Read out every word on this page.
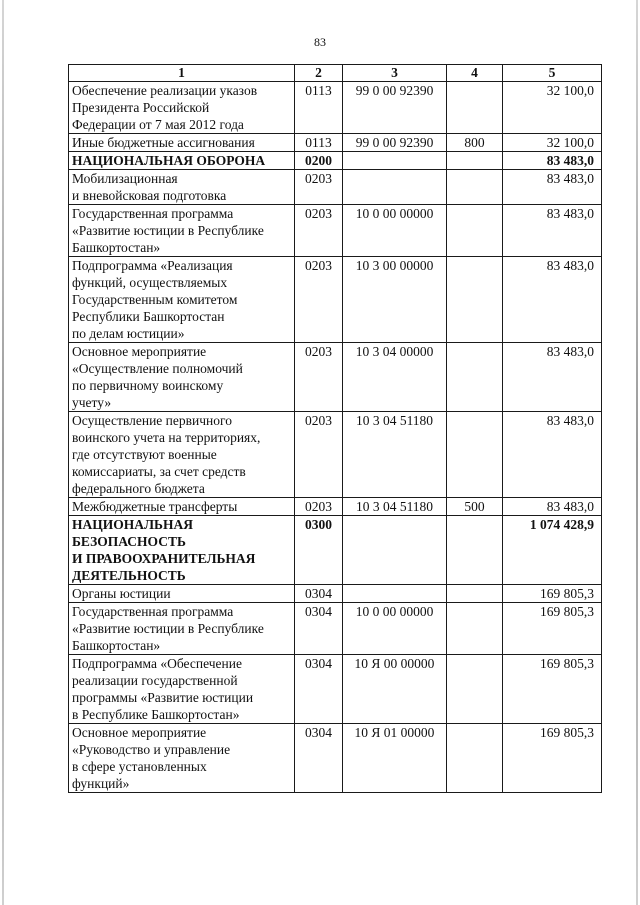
83
1	2	3	4	5

Обеспечение реализации указов
Президента Российской
Федерации от 7 мая 2012 года	0113	99 0 00 92390		32 100,0

Иные бюджетные ассигнования	0113	99 0 00 92390	800	32 100,0

НАЦИОНАЛЬНАЯ ОБОРОНА	0200			83 483,0

Мобилизационная
и вневойсковая подготовка	0203			83 483,0

Государственная программа
«Развитие юстиции в Республике
Башкортостан»	0203	10 0 00 00000		83 483,0

Подпрограмма «Реализация
функций, осуществляемых
Государственным комитетом
Республики Башкортостан
по делам юстиции»	0203	10 3 00 00000		83 483,0

Основное мероприятие
«Осуществление полномочий
по первичному воинскому
учету»	0203	10 3 04 00000		83 483,0

Осуществление первичного
воинского учета на территориях,
где отсутствуют военные
комиссариаты, за счет средств
федерального бюджета	0203	10 3 04 51180		83 483,0

Межбюджетные трансферты	0203	10 3 04 51180	500	83 483,0

НАЦИОНАЛЬНАЯ
БЕЗОПАСНОСТЬ
И ПРАВООХРАНИТЕЛЬНАЯ
ДЕЯТЕЛЬНОСТЬ	0300			1 074 428,9

Органы юстиции	0304			169 805,3

Государственная программа
«Развитие юстиции в Республике
Башкортостан»	0304	10 0 00 00000		169 805,3

Подпрограмма «Обеспечение
реализации государственной
программы «Развитие юстиции
в Республике Башкортостан»	0304	10 Я 00 00000		169 805,3

Основное мероприятие
«Руководство и управление
в сфере установленных
функций»	0304	10 Я 01 00000		169 805,3
